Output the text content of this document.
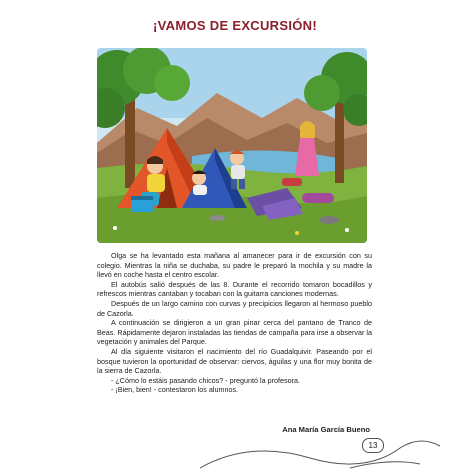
¡VAMOS DE EXCURSIÓN!

Olga se ha levantado esta mañana al amanecer para ir de excursión con su colegio. Mientras la niña se duchaba, su padre le preparó la mochila y su madre la llevó en coche hasta el centro escolar.

El autobús salió después de las 8. Durante el recorrido tomaron bocadillos y refrescos mientras cantaban y tocaban con la guitarra canciones modernas.

Después de un largo camino con curvas y precipicios llegaron al hermoso pueblo de Cazorla.

A continuación se dirigieron a un gran pinar cerca del pantano de Tranco de Beas. Rápidamente dejaron instaladas las tiendas de campaña para irse a observar la vegetación y animales del Parque.

Al día siguiente visitaron el nacimiento del río Guadalquivir. Paseando por el bosque tuvieron la oportunidad de observar: ciervos, águilas y una flor muy bonita de la sierra de Cazorla.

- ¿Cómo lo estáis pasando chicos? - preguntó la profesora.

- ¡Bien, bien! - contestaron los alumnos.

Ana María García Bueno
13
